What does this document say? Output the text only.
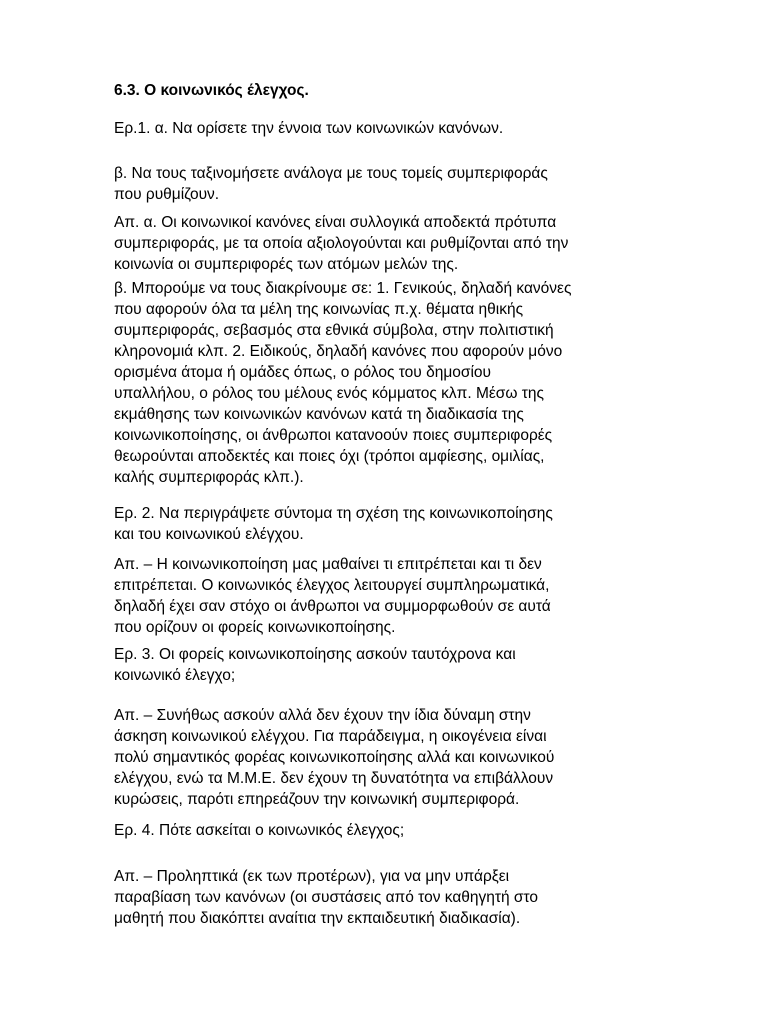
6.3. Ο κοινωνικός έλεγχος.

Ερ.1. α. Να ορίσετε την έννοια των κοινωνικών κανόνων.

β. Να τους ταξινομήσετε ανάλογα με τους τομείς συμπεριφοράς
που ρυθμίζουν.

Απ. α. Οι κοινωνικοί κανόνες είναι συλλογικά αποδεκτά πρότυπα
συμπεριφοράς, με τα οποία αξιολογούνται και ρυθμίζονται από την
κοινωνία οι συμπεριφορές των ατόμων μελών της.

β. Μπορούμε να τους διακρίνουμε σε: 1. Γενικούς, δηλαδή κανόνες
που αφορούν όλα τα μέλη της κοινωνίας π.χ. θέματα ηθικής
συμπεριφοράς, σεβασμός στα εθνικά σύμβολα, στην πολιτιστική
κληρονομιά κλπ. 2. Ειδικούς, δηλαδή κανόνες που αφορούν μόνο
ορισμένα άτομα ή ομάδες όπως, ο ρόλος του δημοσίου
υπαλλήλου, ο ρόλος του μέλους ενός κόμματος κλπ. Μέσω της
εκμάθησης των κοινωνικών κανόνων κατά τη διαδικασία της
κοινωνικοποίησης, οι άνθρωποι κατανοούν ποιες συμπεριφορές
θεωρούνται αποδεκτές και ποιες όχι (τρόποι αμφίεσης, ομιλίας,
καλής συμπεριφοράς κλπ.).

Ερ. 2. Να περιγράψετε σύντομα τη σχέση της κοινωνικοποίησης
και του κοινωνικού ελέγχου.

Απ. – Η κοινωνικοποίηση μας μαθαίνει τι επιτρέπεται και τι δεν
επιτρέπεται. Ο κοινωνικός έλεγχος λειτουργεί συμπληρωματικά,
δηλαδή έχει σαν στόχο οι άνθρωποι να συμμορφωθούν σε αυτά
που ορίζουν οι φορείς κοινωνικοποίησης.

Ερ. 3. Οι φορείς κοινωνικοποίησης ασκούν ταυτόχρονα και
κοινωνικό έλεγχο;

Απ. – Συνήθως ασκούν αλλά δεν έχουν την ίδια δύναμη στην
άσκηση κοινωνικού ελέγχου. Για παράδειγμα, η οικογένεια είναι
πολύ σημαντικός φορέας κοινωνικοποίησης αλλά και κοινωνικού
ελέγχου, ενώ τα Μ.Μ.Ε. δεν έχουν τη δυνατότητα να επιβάλλουν
κυρώσεις, παρότι επηρεάζουν την κοινωνική συμπεριφορά.

Ερ. 4. Πότε ασκείται ο κοινωνικός έλεγχος;

Απ. – Προληπτικά (εκ των προτέρων), για να μην υπάρξει
παραβίαση των κανόνων (οι συστάσεις από τον καθηγητή στο
μαθητή που διακόπτει αναίτια την εκπαιδευτική διαδικασία).
